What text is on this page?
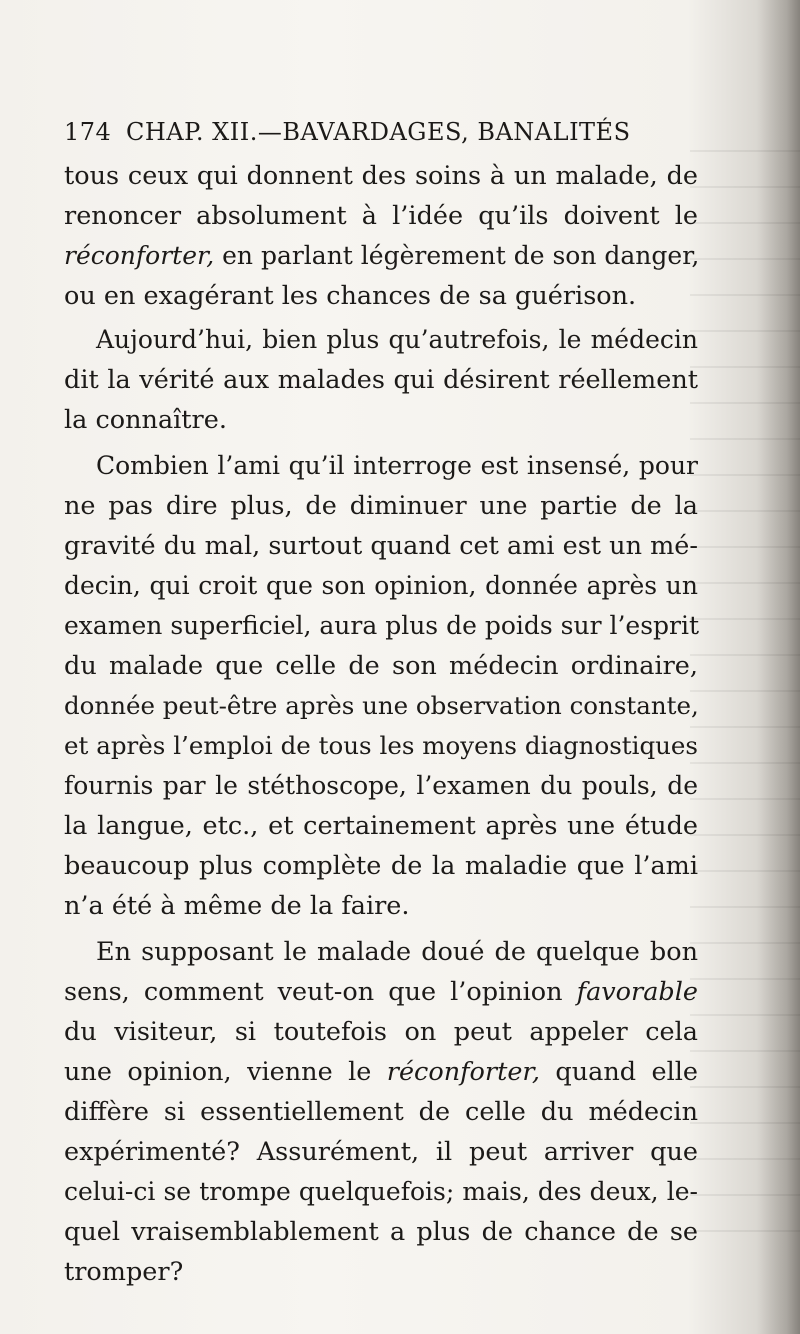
174 CHAP. XII.—BAVARDAGES, BANALITÉS
tous ceux qui donnent des soins à un malade, de
renoncer absolument à l’idée qu’ils doivent le
réconforter, en parlant légèrement de son danger,
ou en exagérant les chances de sa guérison.
Aujourd’hui, bien plus qu’autrefois, le médecin
dit la vérité aux malades qui désirent réellement
la connaître.
Combien l’ami qu’il interroge est insensé, pour
ne pas dire plus, de diminuer une partie de la
gravité du mal, surtout quand cet ami est un mé-
decin, qui croit que son opinion, donnée après un
examen superficiel, aura plus de poids sur l’esprit
du malade que celle de son médecin ordinaire,
donnée peut-être après une observation constante,
et après l’emploi de tous les moyens diagnostiques
fournis par le stéthoscope, l’examen du pouls, de
la langue, etc., et certainement après une étude
beaucoup plus complète de la maladie que l’ami
n’a été à même de la faire.
En supposant le malade doué de quelque bon
sens, comment veut-on que l’opinion favorable
du visiteur, si toutefois on peut appeler cela
une opinion, vienne le réconforter, quand elle
diffère si essentiellement de celle du médecin
expérimenté? Assurément, il peut arriver que
celui-ci se trompe quelquefois; mais, des deux, le-
quel vraisemblablement a plus de chance de se
tromper?
